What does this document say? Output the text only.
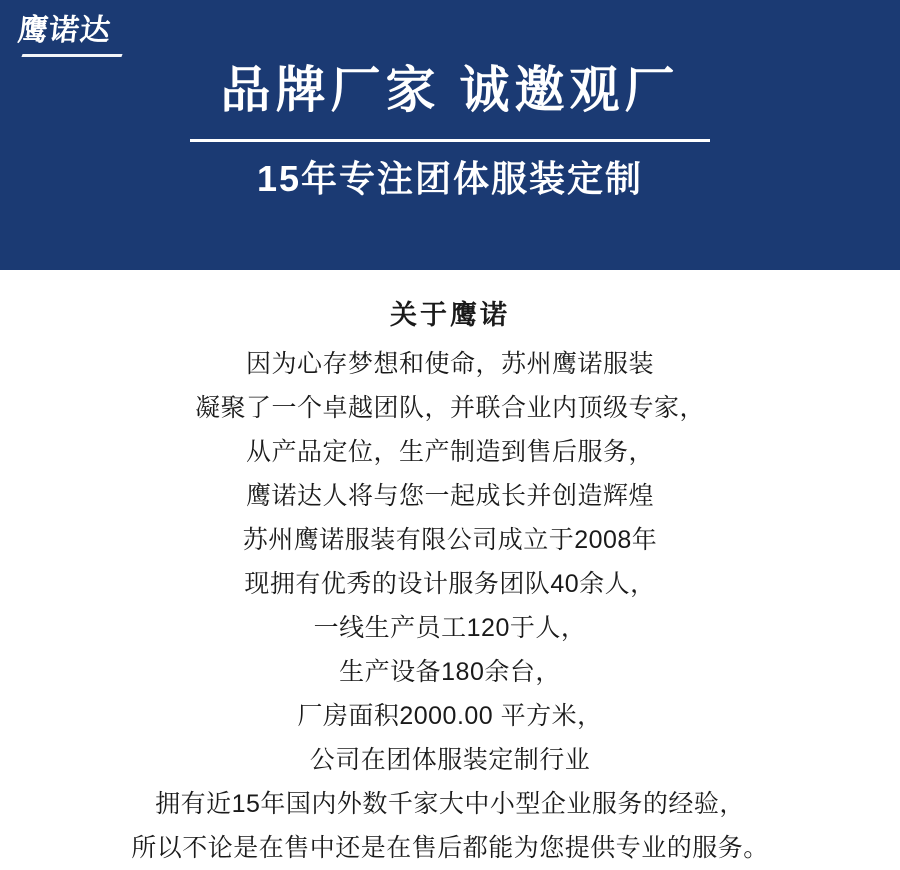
鹰诺达
品牌厂家 诚邀观厂
15年专注团体服装定制
关于鹰诺
因为心存梦想和使命，苏州鹰诺服装
凝聚了一个卓越团队，并联合业内顶级专家，
从产品定位，生产制造到售后服务，
鹰诺达人将与您一起成长并创造辉煌
苏州鹰诺服装有限公司成立于2008年
现拥有优秀的设计服务团队40余人，
一线生产员工120于人，
生产设备180余台，
厂房面积2000.00 平方米，
公司在团体服装定制行业
拥有近15年国内外数千家大中小型企业服务的经验，
所以不论是在售中还是在售后都能为您提供专业的服务。
